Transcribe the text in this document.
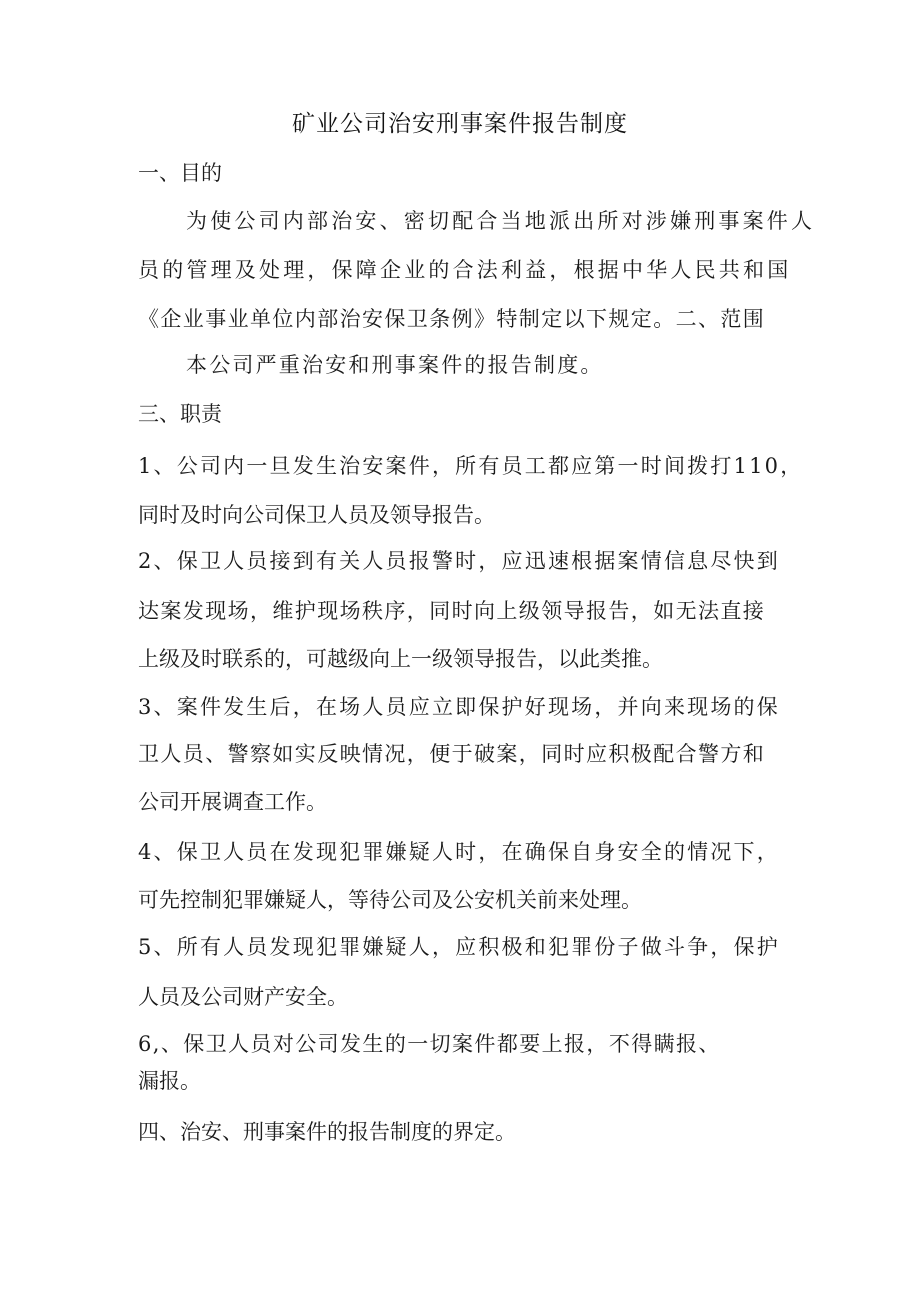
矿业公司治安刑事案件报告制度
一、目的
为使公司内部治安、密切配合当地派出所对涉嫌刑事案件人
员的管理及处理，保障企业的合法利益，根据中华人民共和国
《企业事业单位内部治安保卫条例》特制定以下规定。二、范围
本公司严重治安和刑事案件的报告制度。
三、职责
1、公司内一旦发生治安案件，所有员工都应第一时间拨打110，
同时及时向公司保卫人员及领导报告。
2、保卫人员接到有关人员报警时，应迅速根据案情信息尽快到
达案发现场，维护现场秩序，同时向上级领导报告，如无法直接
上级及时联系的，可越级向上一级领导报告，以此类推。
3、案件发生后，在场人员应立即保护好现场，并向来现场的保
卫人员、警察如实反映情况，便于破案，同时应积极配合警方和
公司开展调查工作。
4、保卫人员在发现犯罪嫌疑人时，在确保自身安全的情况下，
可先控制犯罪嫌疑人，等待公司及公安机关前来处理。
5、所有人员发现犯罪嫌疑人，应积极和犯罪份子做斗争，保护
人员及公司财产安全。
6,、保卫人员对公司发生的一切案件都要上报，不得瞒报、
漏报。
四、治安、刑事案件的报告制度的界定。
